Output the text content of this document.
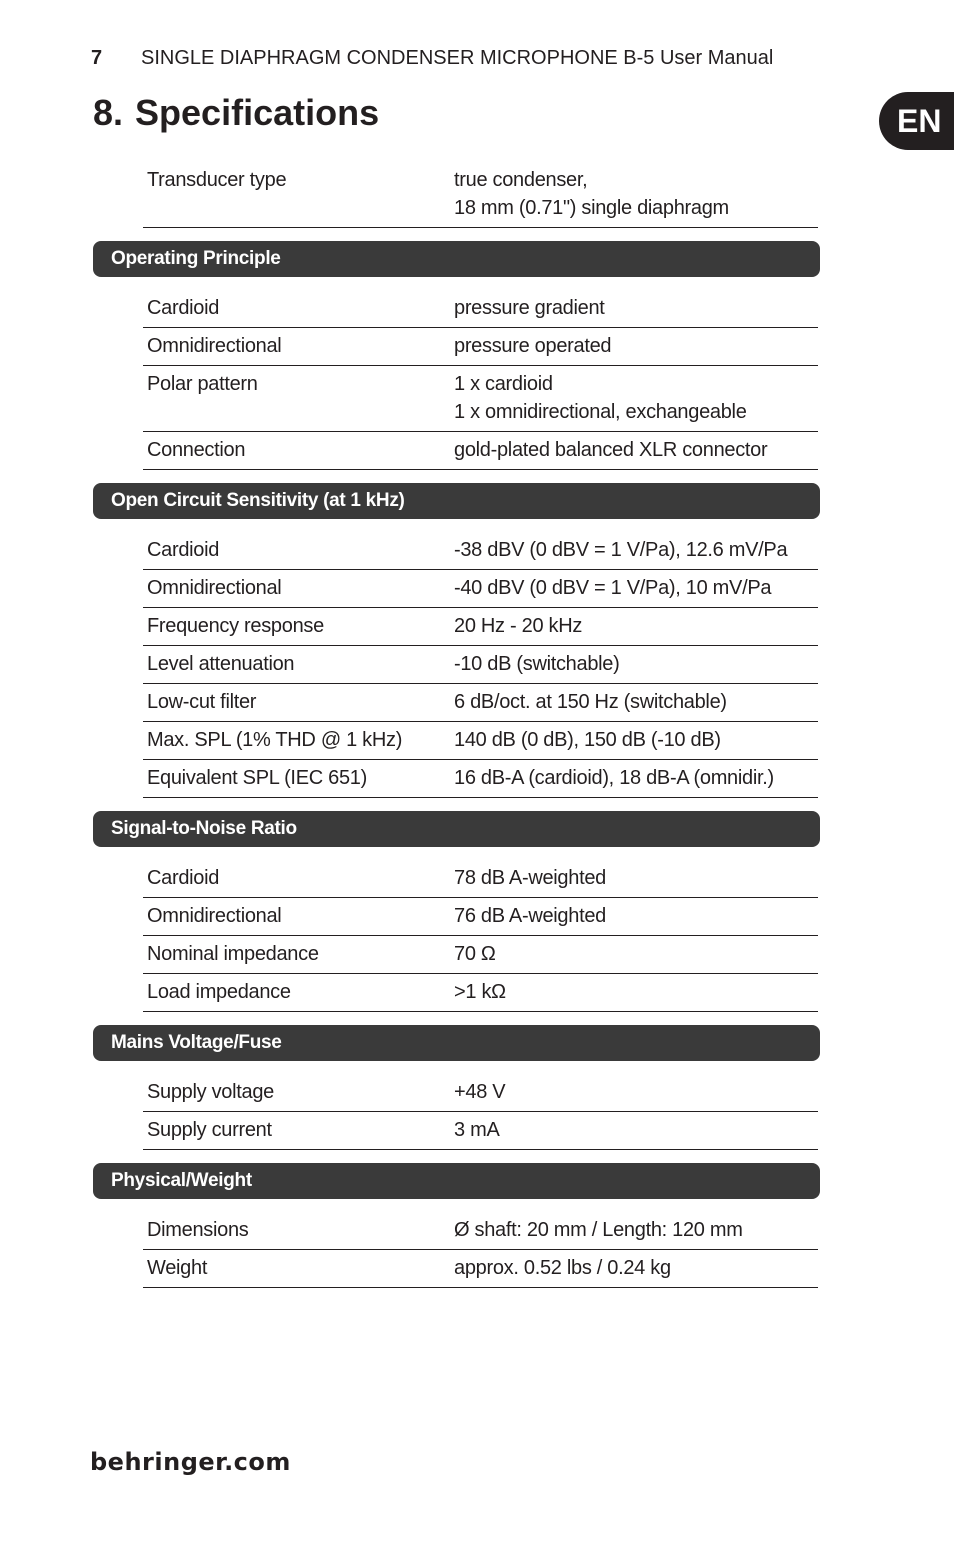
7 SINGLE DIAPHRAGM CONDENSER MICROPHONE B-5 User Manual
8. Specifications	EN
Transducer type	true condenser,
18 mm (0.71") single diaphragm
Operating Principle
Cardioid	pressure gradient
Omnidirectional	pressure operated
Polar pattern	1 x cardioid
1 x omnidirectional, exchangeable
Connection	gold-plated balanced XLR connector
Open Circuit Sensitivity (at 1 kHz)
Cardioid	-38 dBV (0 dBV = 1 V/Pa), 12.6 mV/Pa
Omnidirectional	-40 dBV (0 dBV = 1 V/Pa), 10 mV/Pa
Frequency response	20 Hz - 20 kHz
Level attenuation	-10 dB (switchable)
Low-cut filter	6 dB/oct. at 150 Hz (switchable)
Max. SPL (1% THD @ 1 kHz)	140 dB (0 dB), 150 dB (-10 dB)
Equivalent SPL (IEC 651)	16 dB-A (cardioid), 18 dB-A (omnidir.)
Signal-to-Noise Ratio
Cardioid	78 dB A-weighted
Omnidirectional	76 dB A-weighted
Nominal impedance	70 Ω
Load impedance	>1 kΩ
Mains Voltage/Fuse
Supply voltage	+48 V
Supply current	3 mA
Physical/Weight
Dimensions	Ø shaft: 20 mm / Length: 120 mm
Weight	approx. 0.52 lbs / 0.24 kg
behringer.com
